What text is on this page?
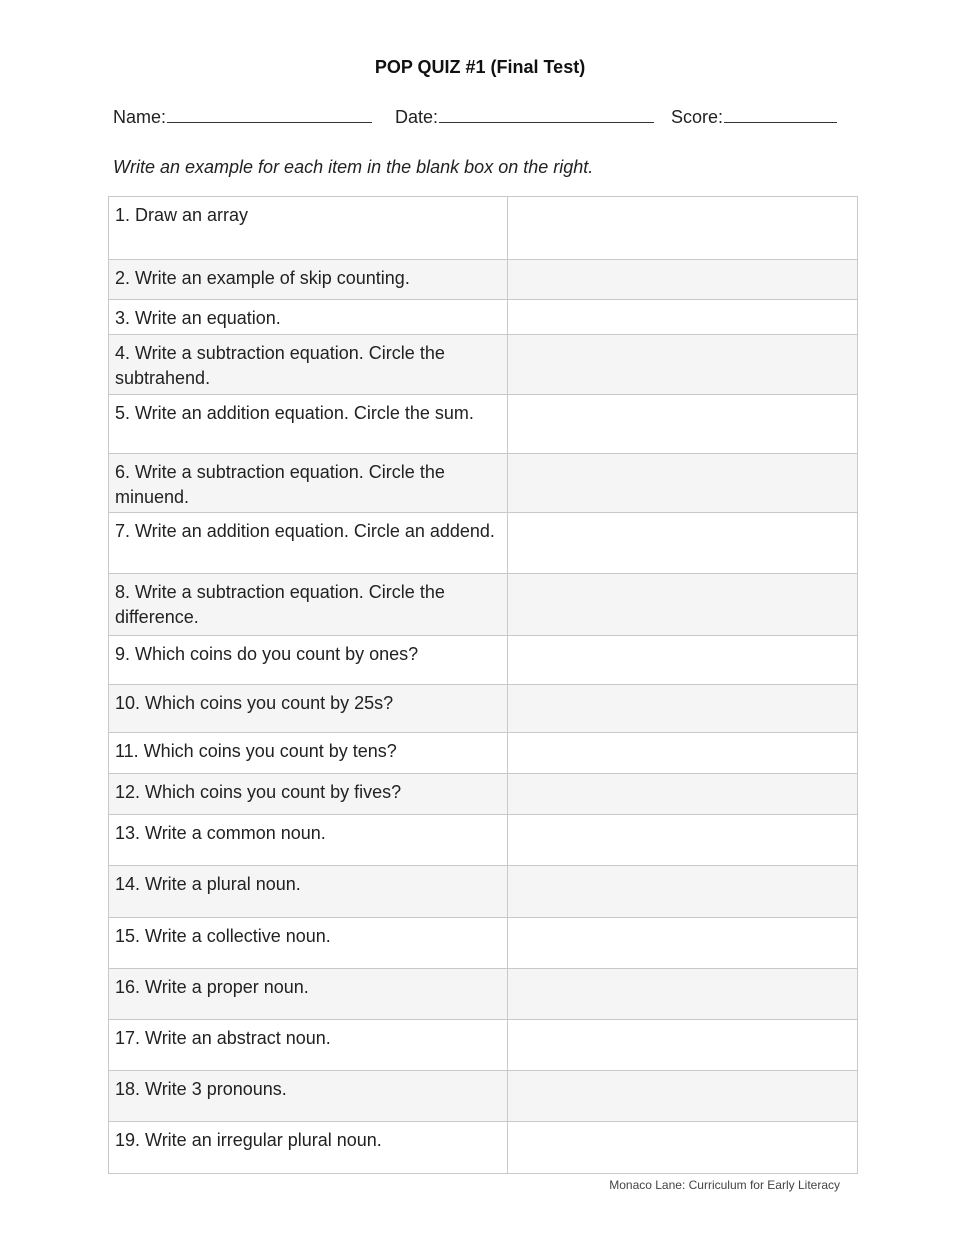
POP QUIZ #1 (Final Test)
Name:	Date:	Score:
Write an example for each item in the blank box on the right.
1. Draw an array	
2. Write an example of skip counting.	
3. Write an equation.	
4. Write a subtraction equation. Circle the subtrahend.	
5. Write an addition equation. Circle the sum.	
6. Write a subtraction equation. Circle the minuend.	
7. Write an addition equation. Circle an addend.	
8. Write a subtraction equation. Circle the difference.	
9. Which coins do you count by ones?	
10. Which coins you count by 25s?	
11. Which coins you count by tens?	
12. Which coins you count by fives?	
13. Write a common noun.	
14. Write a plural noun.	
15. Write a collective noun.	
16. Write a proper noun.	
17. Write an abstract noun.	
18. Write 3 pronouns.	
19. Write an irregular plural noun.	
Monaco Lane: Curriculum for Early Literacy
